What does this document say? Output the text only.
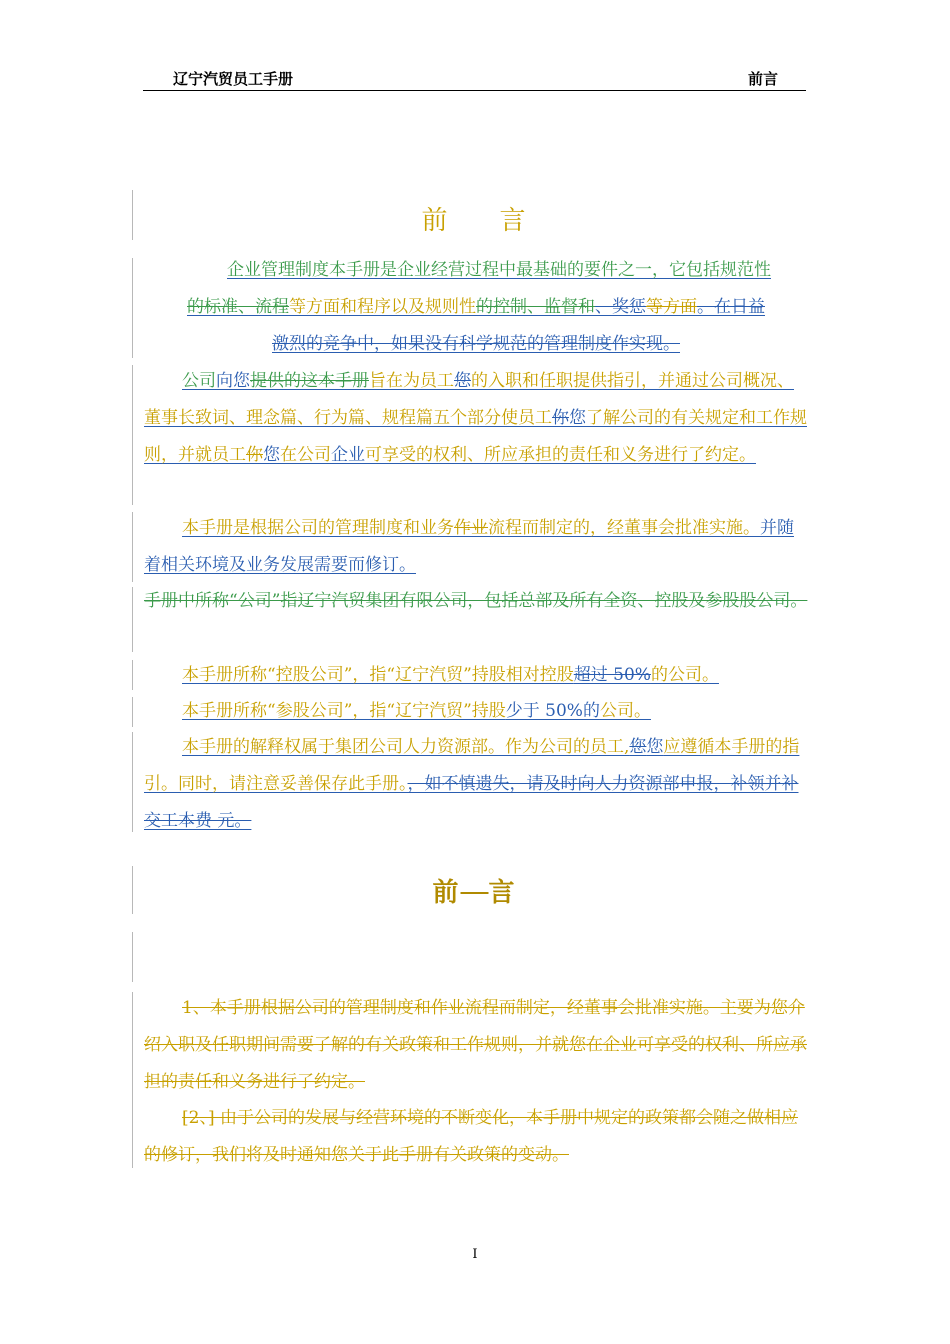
辽宁汽贸员工手册	前言
前 言
企业管理制度本手册是企业经营过程中最基础的要件之一，它包括规范性
的标准、流程等方面和程序以及规则性的控制、监督和、奖惩等方面。在日益
激烈的竞争中，如果没有科学规范的管理制度作实现。
公司向您提供的这本手册旨在为员工您的入职和任职提供指引，并通过公司概况、董事长致词、理念篇、行为篇、规程篇五个部分使员工你您了解公司的有关规定和工作规则，并就员工你您在公司企业可享受的权利、所应承担的责任和义务进行了约定。
本手册是根据公司的管理制度和业务作业流程而制定的，经董事会批准实施。并随着相关环境及业务发展需要而修订。
手册中所称“公司”指辽宁汽贸集团有限公司，包括总部及所有全资、控股及参股股公司。
本手册所称“控股公司”，指“辽宁汽贸”持股相对控股超过 50%的公司。
本手册所称“参股公司”，指“辽宁汽贸”持股少于 50%的公司。
本手册的解释权属于集团公司人力资源部。作为公司的员工,您您应遵循本手册的指引。同时，请注意妥善保存此手册。，如不慎遗失，请及时向人力资源部申报，补领并补交工本费 元。
前  言
1、本手册根据公司的管理制度和作业流程而制定，经董事会批准实施。主要为您介绍入职及任职期间需要了解的有关政策和工作规则，并就您在企业可享受的权利、所应承担的责任和义务进行了约定。
[2、] 由于公司的发展与经营环境的不断变化，本手册中规定的政策都会随之做相应的修订，我们将及时通知您关于此手册有关政策的变动。
I
